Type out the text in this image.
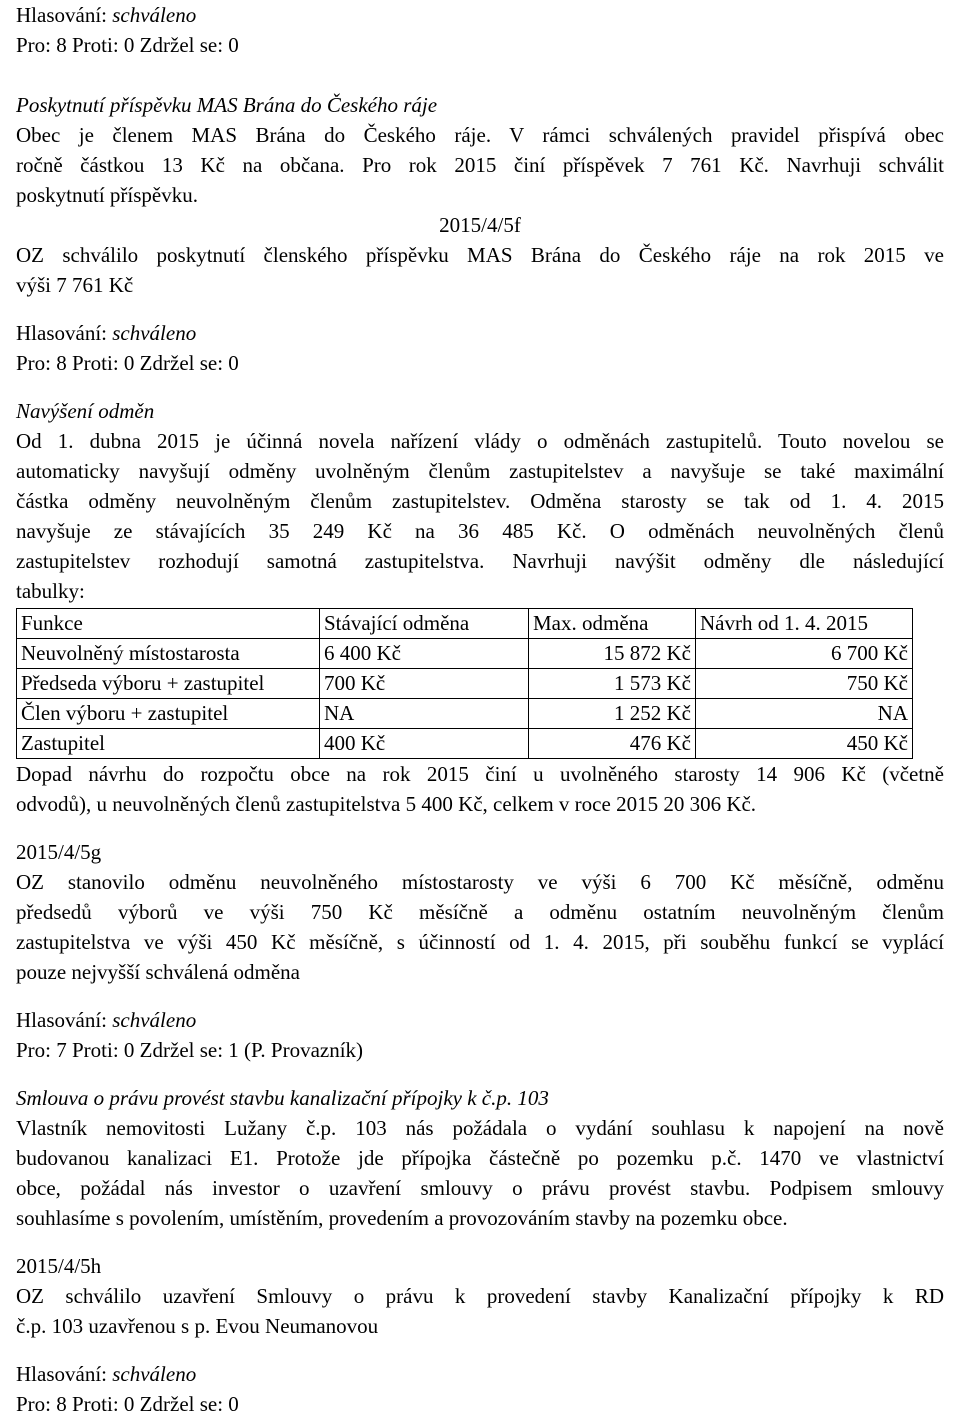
Hlasování: schváleno
Pro: 8 Proti: 0 Zdržel se: 0
Poskytnutí příspěvku MAS Brána do Českého ráje
Obec je členem MAS Brána do Českého ráje. V rámci schválených pravidel přispívá obec
ročně částkou 13 Kč na občana. Pro rok 2015 činí příspěvek 7 761 Kč. Navrhuji schválit
poskytnutí příspěvku.
2015/4/5f
OZ schválilo poskytnutí členského příspěvku MAS Brána do Českého ráje na rok 2015 ve
výši 7 761 Kč
Hlasování: schváleno
Pro: 8 Proti: 0 Zdržel se: 0
Navýšení odměn
Od 1. dubna 2015 je účinná novela nařízení vlády o odměnách zastupitelů. Touto novelou se
automaticky navyšují odměny uvolněným členům zastupitelstev a navyšuje se také maximální
částka odměny neuvolněným členům zastupitelstev. Odměna starosty se tak od 1. 4. 2015
navyšuje ze stávajících 35 249 Kč na 36 485 Kč. O odměnách neuvolněných členů
zastupitelstev rozhodují samotná zastupitelstva. Navrhuji navýšit odměny dle následující
tabulky:
Funkce	Stávající odměna	Max. odměna	Návrh od 1. 4. 2015
Neuvolněný místostarosta	6 400 Kč	15 872 Kč	6 700 Kč
Předseda výboru + zastupitel	700 Kč	1 573 Kč	750 Kč
Člen výboru + zastupitel	NA	1 252 Kč	NA
Zastupitel	400 Kč	476 Kč	450 Kč
Dopad návrhu do rozpočtu obce na rok 2015 činí u uvolněného starosty 14 906 Kč (včetně
odvodů), u neuvolněných členů zastupitelstva 5 400 Kč, celkem v roce 2015 20 306 Kč.
2015/4/5g
OZ stanovilo odměnu neuvolněného místostarosty ve výši 6 700 Kč měsíčně, odměnu
předsedů výborů ve výši 750 Kč měsíčně a odměnu ostatním neuvolněným členům
zastupitelstva ve výši 450 Kč měsíčně, s účinností od 1. 4. 2015, při souběhu funkcí se vyplácí
pouze nejvyšší schválená odměna
Hlasování: schváleno
Pro: 7 Proti: 0 Zdržel se: 1 (P. Provazník)
Smlouva o právu provést stavbu kanalizační přípojky k č.p. 103
Vlastník nemovitosti Lužany č.p. 103 nás požádala o vydání souhlasu k napojení na nově
budovanou kanalizaci E1. Protože jde přípojka částečně po pozemku p.č. 1470 ve vlastnictví
obce, požádal nás investor o uzavření smlouvy o právu provést stavbu. Podpisem smlouvy
souhlasíme s povolením, umístěním, provedením a provozováním stavby na pozemku obce.
2015/4/5h
OZ schválilo uzavření Smlouvy o právu k provedení stavby Kanalizační přípojky k RD
č.p. 103 uzavřenou s p. Evou Neumanovou
Hlasování: schváleno
Pro: 8 Proti: 0 Zdržel se: 0
